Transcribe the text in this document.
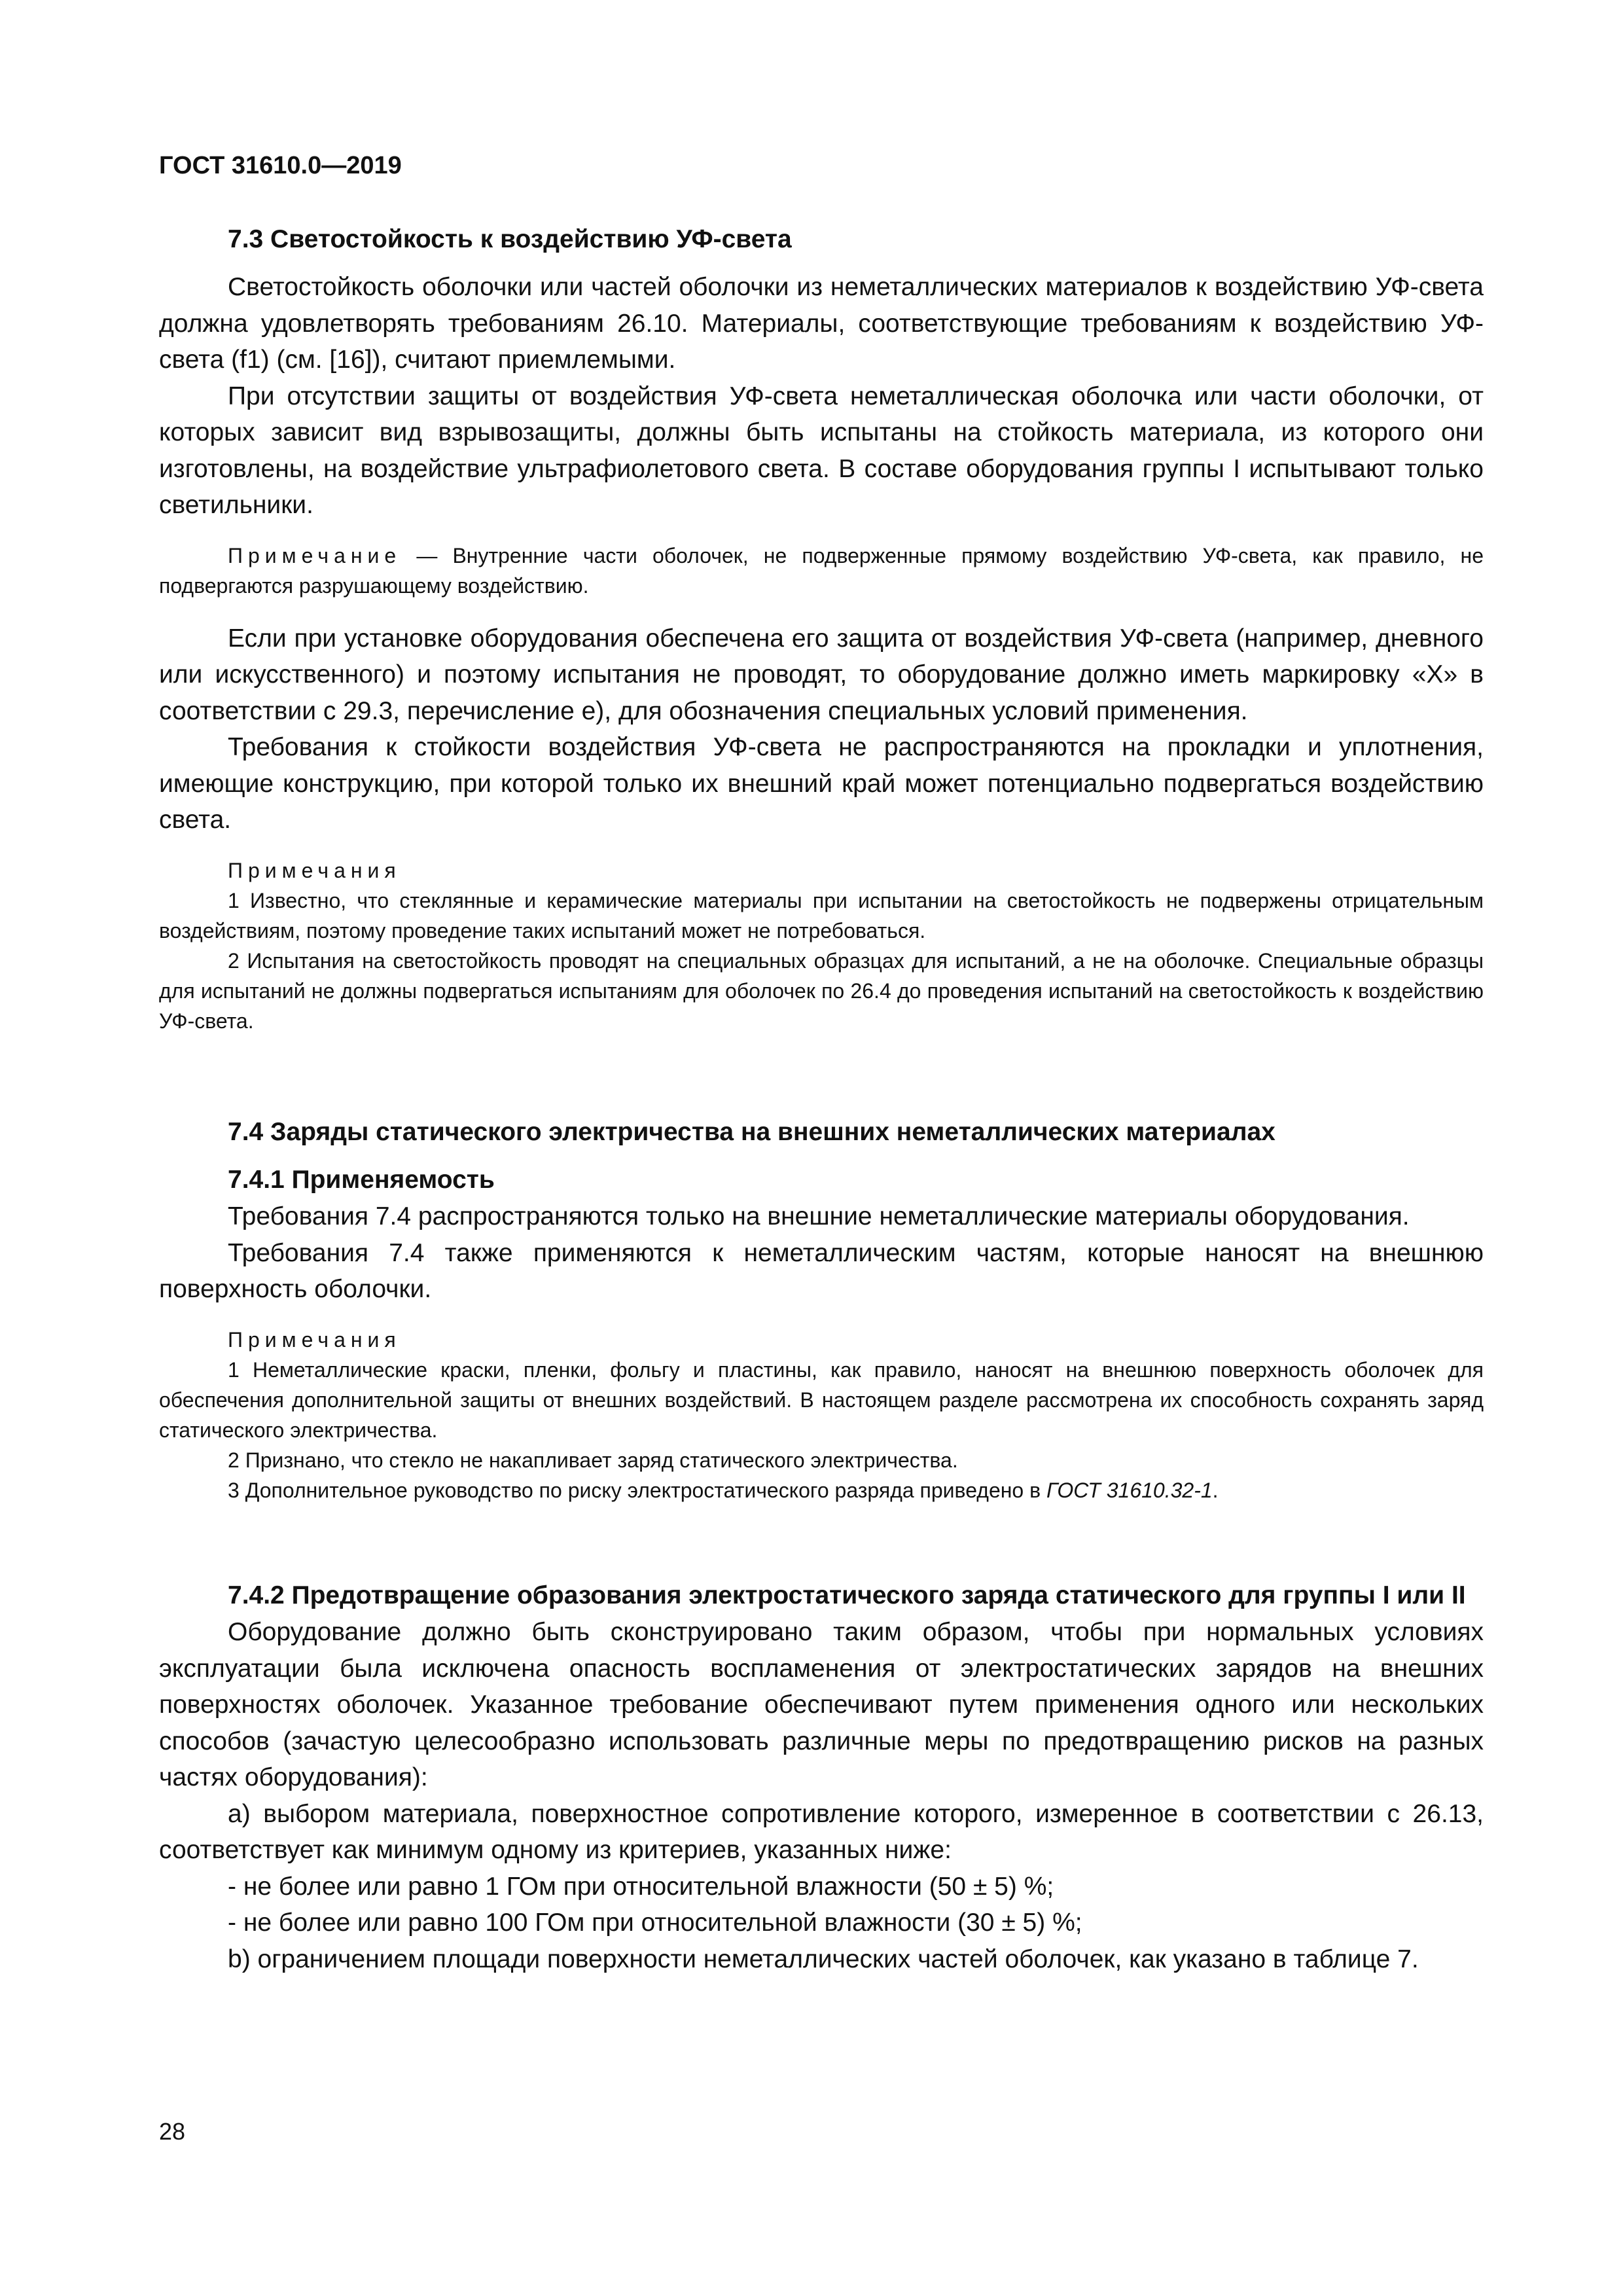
ГОСТ 31610.0—2019

7.3 Светостойкость к воздействию УФ-света

Светостойкость оболочки или частей оболочки из неметаллических материалов к воздействию УФ-света должна удовлетворять требованиям 26.10. Материалы, соответствующие требованиям к воздействию УФ-света (f1) (см. [16]), считают приемлемыми.

При отсутствии защиты от воздействия УФ-света неметаллическая оболочка или части оболочки, от которых зависит вид взрывозащиты, должны быть испытаны на стойкость материала, из которого они изготовлены, на воздействие ультрафиолетового света. В составе оборудования группы I испытывают только светильники.

Примечание — Внутренние части оболочек, не подверженные прямому воздействию УФ-света, как правило, не подвергаются разрушающему воздействию.

Если при установке оборудования обеспечена его защита от воздействия УФ-света (например, дневного или искусственного) и поэтому испытания не проводят, то оборудование должно иметь маркировку «X» в соответствии с 29.3, перечисление e), для обозначения специальных условий применения.

Требования к стойкости воздействия УФ-света не распространяются на прокладки и уплотнения, имеющие конструкцию, при которой только их внешний край может потенциально подвергаться воздействию света.

Примечания

1 Известно, что стеклянные и керамические материалы при испытании на светостойкость не подвержены отрицательным воздействиям, поэтому проведение таких испытаний может не потребоваться.

2 Испытания на светостойкость проводят на специальных образцах для испытаний, а не на оболочке. Специальные образцы для испытаний не должны подвергаться испытаниям для оболочек по 26.4 до проведения испытаний на светостойкость к воздействию УФ-света.

7.4 Заряды статического электричества на внешних неметаллических материалах

7.4.1 Применяемость

Требования 7.4 распространяются только на внешние неметаллические материалы оборудования.

Требования 7.4 также применяются к неметаллическим частям, которые наносят на внешнюю поверхность оболочки.

Примечания

1 Неметаллические краски, пленки, фольгу и пластины, как правило, наносят на внешнюю поверхность оболочек для обеспечения дополнительной защиты от внешних воздействий. В настоящем разделе рассмотрена их способность сохранять заряд статического электричества.

2 Признано, что стекло не накапливает заряд статического электричества.

3 Дополнительное руководство по риску электростатического разряда приведено в ГОСТ 31610.32-1.

7.4.2 Предотвращение образования электростатического заряда статического для группы I или II

Оборудование должно быть сконструировано таким образом, чтобы при нормальных условиях эксплуатации была исключена опасность воспламенения от электростатических зарядов на внешних поверхностях оболочек. Указанное требование обеспечивают путем применения одного или нескольких способов (зачастую целесообразно использовать различные меры по предотвращению рисков на разных частях оборудования):

а) выбором материала, поверхностное сопротивление которого, измеренное в соответствии с 26.13, соответствует как минимум одному из критериев, указанных ниже:

- не более или равно 1 ГОм при относительной влажности (50 ± 5) %;

- не более или равно 100 ГОм при относительной влажности (30 ± 5) %;

b) ограничением площади поверхности неметаллических частей оболочек, как указано в таблице 7.

28
